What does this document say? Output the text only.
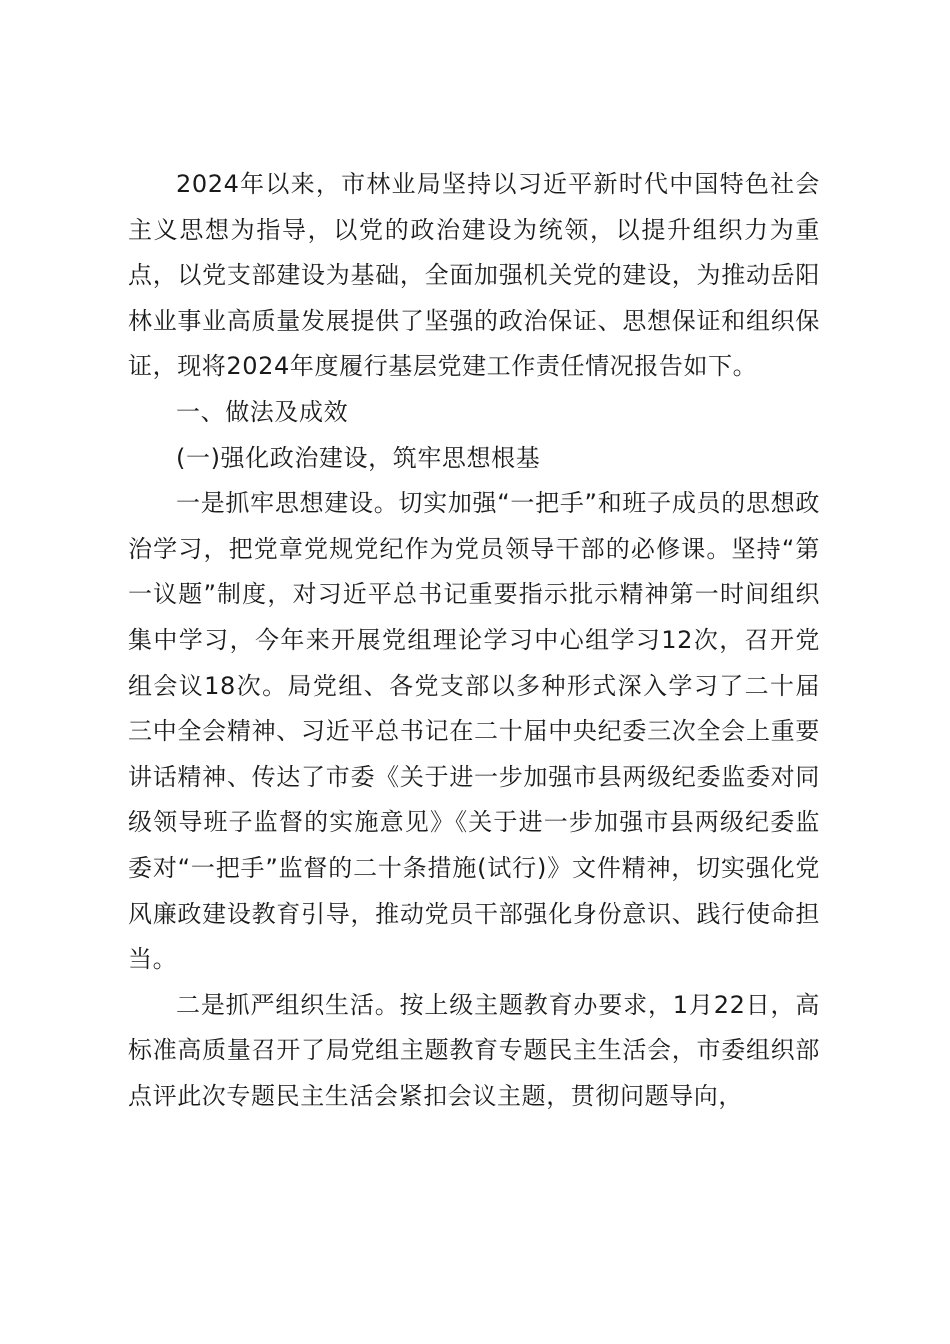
2024年以来，市林业局坚持以习近平新时代中国特色社会主义思想为指导，以党的政治建设为统领，以提升组织力为重点，以党支部建设为基础，全面加强机关党的建设，为推动岳阳林业事业高质量发展提供了坚强的政治保证、思想保证和组织保证，现将2024年度履行基层党建工作责任情况报告如下。

一、做法及成效

(一)强化政治建设，筑牢思想根基

一是抓牢思想建设。切实加强“一把手”和班子成员的思想政治学习，把党章党规党纪作为党员领导干部的必修课。坚持“第一议题”制度，对习近平总书记重要指示批示精神第一时间组织集中学习，今年来开展党组理论学习中心组学习12次，召开党组会议18次。局党组、各党支部以多种形式深入学习了二十届三中全会精神、习近平总书记在二十届中央纪委三次全会上重要讲话精神、传达了市委《关于进一步加强市县两级纪委监委对同级领导班子监督的实施意见》《关于进一步加强市县两级纪委监委对“一把手”监督的二十条措施(试行)》文件精神，切实强化党风廉政建设教育引导，推动党员干部强化身份意识、践行使命担当。

二是抓严组织生活。按上级主题教育办要求，1月22日，高标准高质量召开了局党组主题教育专题民主生活会，市委组织部点评此次专题民主生活会紧扣会议主题，贯彻问题导向，
